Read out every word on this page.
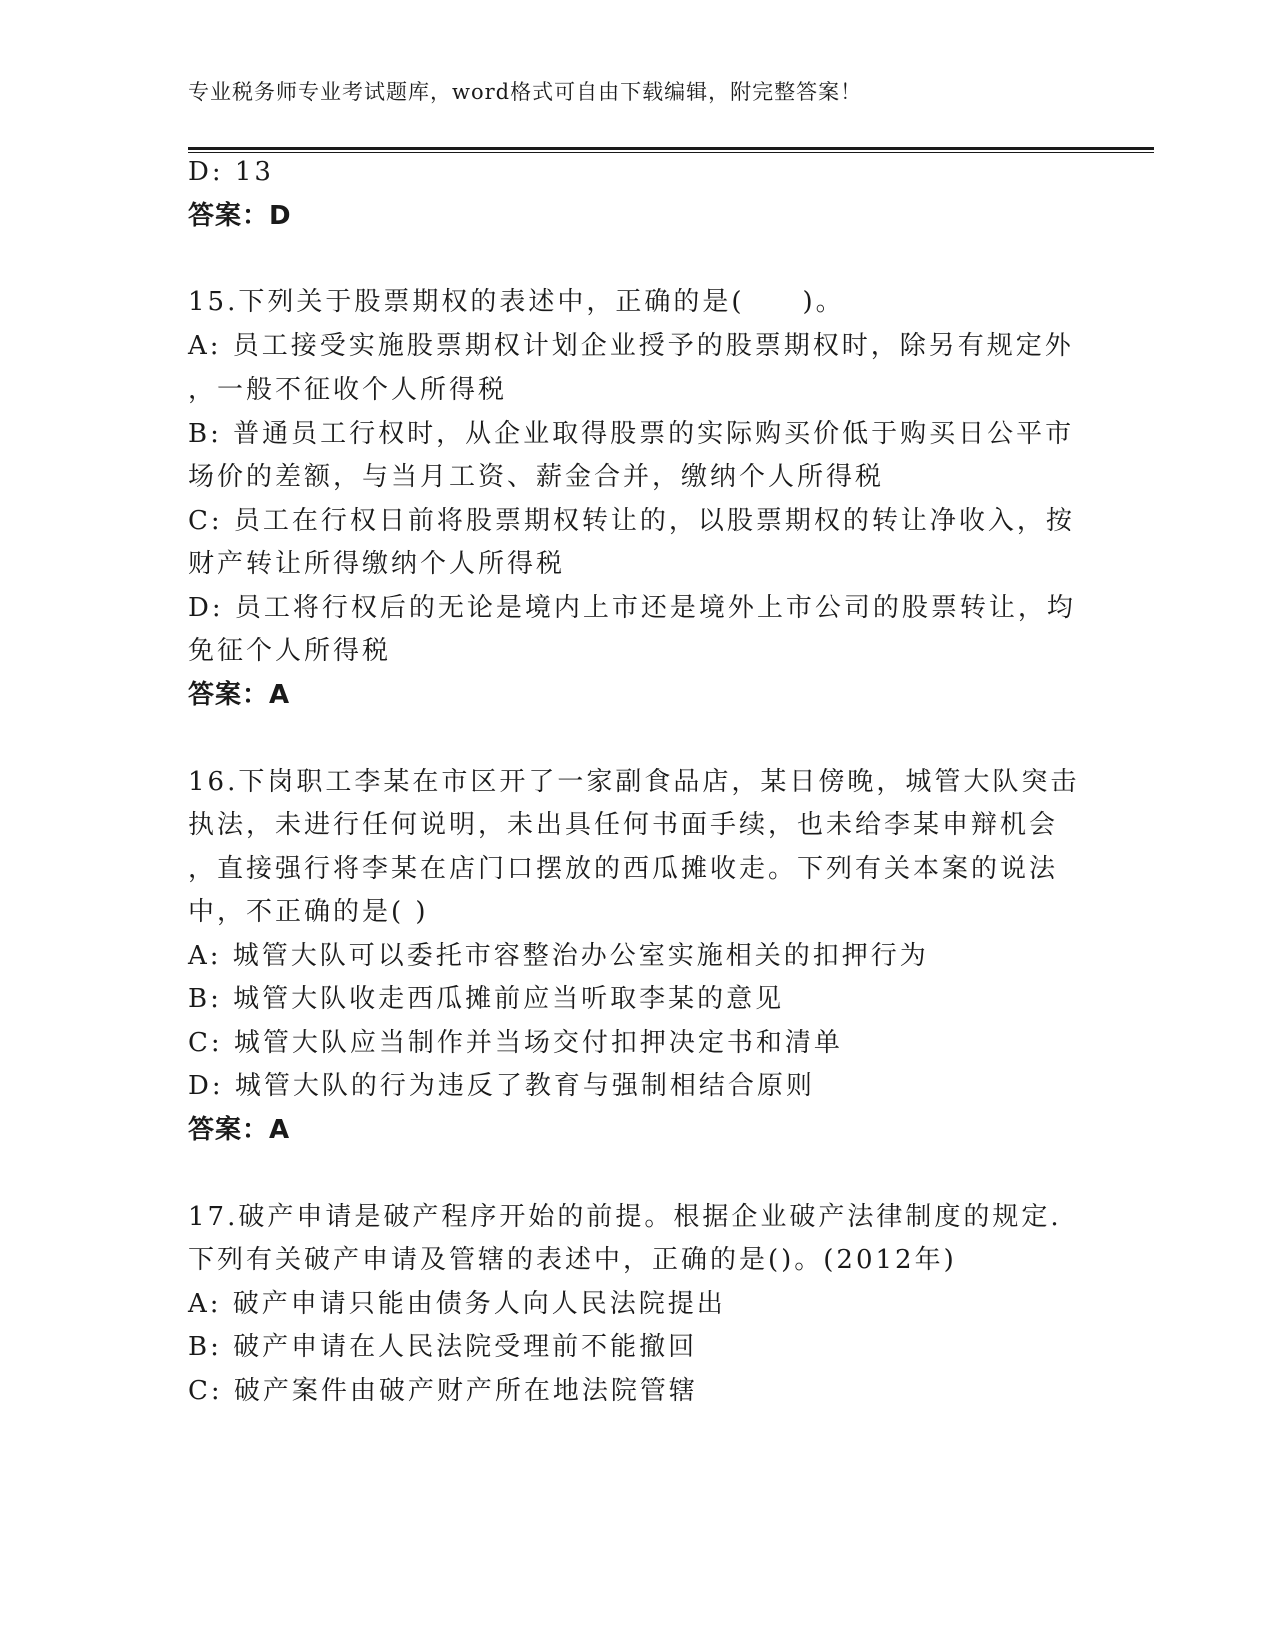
专业税务师专业考试题库，word格式可自由下载编辑，附完整答案！
D: 13
答案：D
15.下列关于股票期权的表述中，正确的是(　　)。
A: 员工接受实施股票期权计划企业授予的股票期权时，除另有规定外
，一般不征收个人所得税
B: 普通员工行权时，从企业取得股票的实际购买价低于购买日公平市
场价的差额，与当月工资、薪金合并，缴纳个人所得税
C: 员工在行权日前将股票期权转让的，以股票期权的转让净收入，按
财产转让所得缴纳个人所得税
D: 员工将行权后的无论是境内上市还是境外上市公司的股票转让，均
免征个人所得税
答案：A
16.下岗职工李某在市区开了一家副食品店，某日傍晚，城管大队突击
执法，未进行任何说明，未出具任何书面手续，也未给李某申辩机会
，直接强行将李某在店门口摆放的西瓜摊收走。下列有关本案的说法
中，不正确的是( )
A: 城管大队可以委托市容整治办公室实施相关的扣押行为
B: 城管大队收走西瓜摊前应当听取李某的意见
C: 城管大队应当制作并当场交付扣押决定书和清单
D: 城管大队的行为违反了教育与强制相结合原则
答案：A
17.破产申请是破产程序开始的前提。根据企业破产法律制度的规定.
下列有关破产申请及管辖的表述中，正确的是()。(2012年)
A: 破产申请只能由债务人向人民法院提出
B: 破产申请在人民法院受理前不能撤回
C: 破产案件由破产财产所在地法院管辖
